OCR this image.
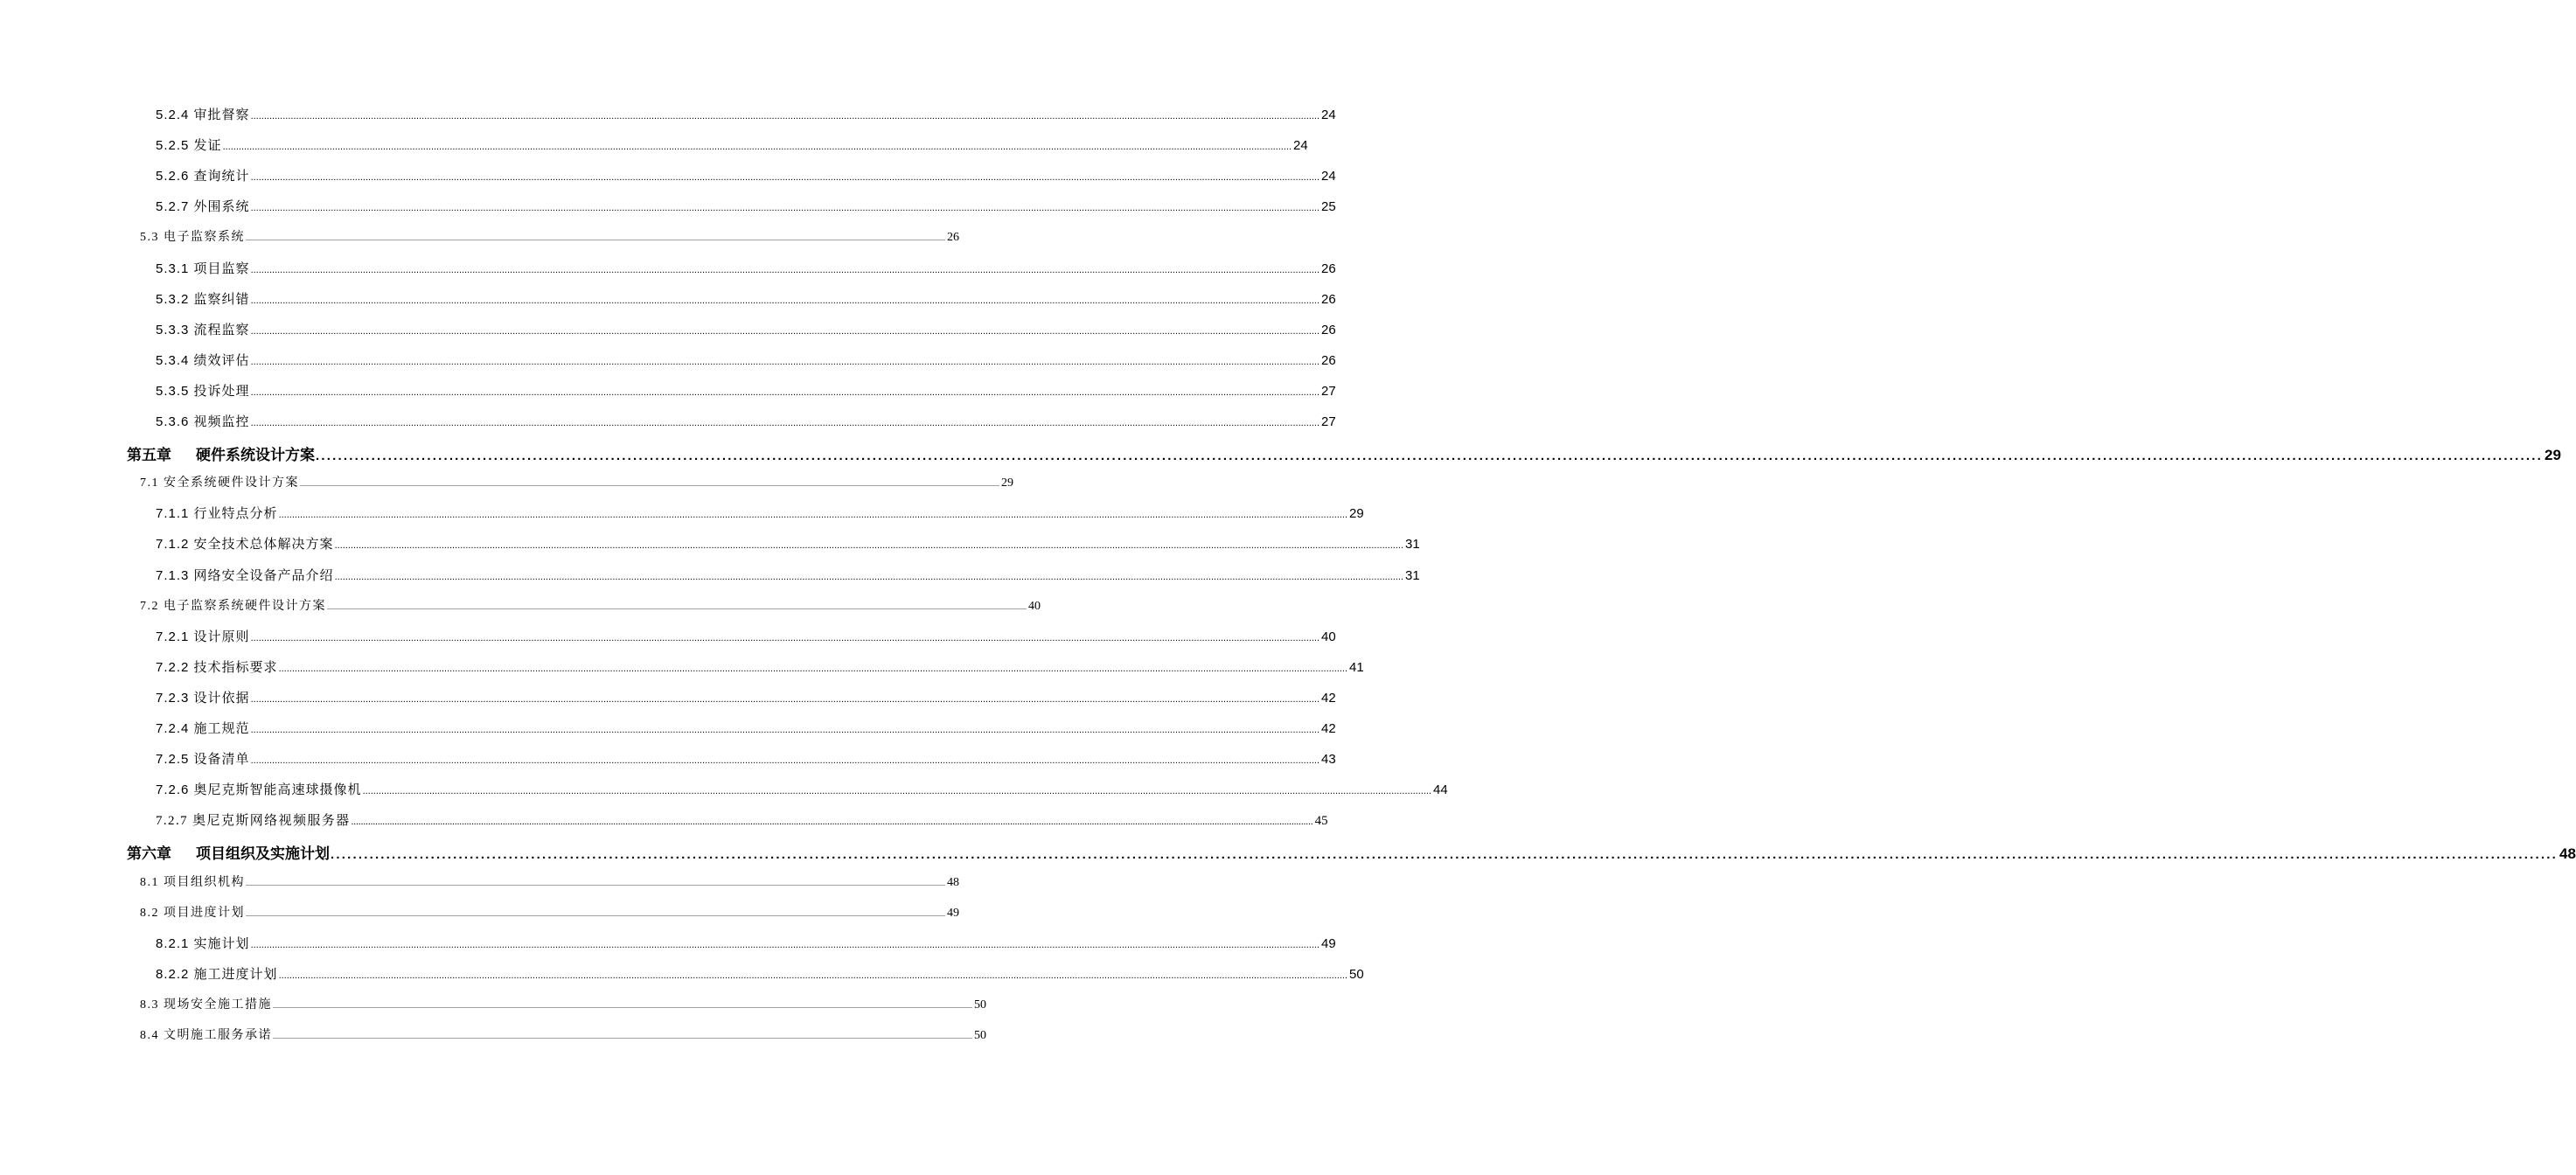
5.2.4 审批督察 ................................................................................................................................................................................................................................................................................................................................................................................................................ 24
5.2.5 发证 ................................................................................................................................................................................................................................................................................................................................................................................................................ 24
5.2.6 查询统计 ................................................................................................................................................................................................................................................................................................................................................................................................................ 24
5.2.7 外围系统 ................................................................................................................................................................................................................................................................................................................................................................................................................ 25
5.3 电子监察系统 ................................................................................................................................................................................................................................................................................................................................................................................................................ 26
5.3.1 项目监察 ................................................................................................................................................................................................................................................................................................................................................................................................................ 26
5.3.2 监察纠错 ................................................................................................................................................................................................................................................................................................................................................................................................................ 26
5.3.3 流程监察 ................................................................................................................................................................................................................................................................................................................................................................................................................ 26
5.3.4 绩效评估 ................................................................................................................................................................................................................................................................................................................................................................................................................ 26
5.3.5 投诉处理 ................................................................................................................................................................................................................................................................................................................................................................................................................ 27
5.3.6 视频监控 ................................................................................................................................................................................................................................................................................................................................................................................................................ 27
第五章 硬件系统设计方案 ................................................................................................................................................................................................................................................................................................................................................................................................................ 29
7.1 安全系统硬件设计方案 ................................................................................................................................................................................................................................................................................................................................................................................................................ 29
7.1.1 行业特点分析 ................................................................................................................................................................................................................................................................................................................................................................................................................ 29
7.1.2 安全技术总体解决方案 ................................................................................................................................................................................................................................................................................................................................................................................................................ 31
7.1.3 网络安全设备产品介绍 ................................................................................................................................................................................................................................................................................................................................................................................................................ 31
7.2 电子监察系统硬件设计方案 ................................................................................................................................................................................................................................................................................................................................................................................................................ 40
7.2.1 设计原则 ................................................................................................................................................................................................................................................................................................................................................................................................................ 40
7.2.2 技术指标要求 ................................................................................................................................................................................................................................................................................................................................................................................................................ 41
7.2.3 设计依据 ................................................................................................................................................................................................................................................................................................................................................................................................................ 42
7.2.4 施工规范 ................................................................................................................................................................................................................................................................................................................................................................................................................ 42
7.2.5 设备清单 ................................................................................................................................................................................................................................................................................................................................................................................................................ 43
7.2.6 奥尼克斯智能高速球摄像机 ................................................................................................................................................................................................................................................................................................................................................................................................................ 44
7.2.7 奥尼克斯网络视频服务器 ................................................................................................................................................................................................................................................................................................................................................................................................................ 45
第六章 项目组织及实施计划 ................................................................................................................................................................................................................................................................................................................................................................................................................ 48
8.1 项目组织机构 ................................................................................................................................................................................................................................................................................................................................................................................................................ 48
8.2 项目进度计划 ................................................................................................................................................................................................................................................................................................................................................................................................................ 49
8.2.1 实施计划 ................................................................................................................................................................................................................................................................................................................................................................................................................ 49
8.2.2 施工进度计划 ................................................................................................................................................................................................................................................................................................................................................................................................................ 50
8.3 现场安全施工措施 ................................................................................................................................................................................................................................................................................................................................................................................................................ 50
8.4 文明施工服务承诺 ................................................................................................................................................................................................................................................................................................................................................................................................................ 50
